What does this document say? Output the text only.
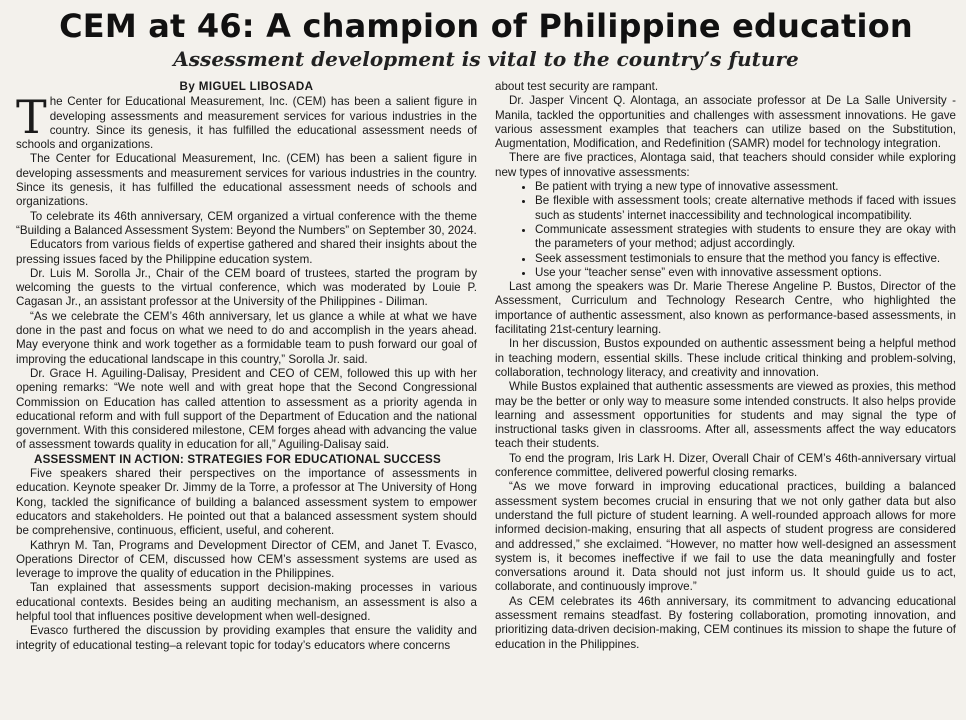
CEM at 46: A champion of Philippine education
Assessment development is vital to the country’s future
By MIGUEL LIBOSADA

The Center for Educational Measurement, Inc. (CEM) has been a salient figure in developing assessments and measurement services for various industries in the country. Since its genesis, it has fulfilled the educational assessment needs of schools and organizations.

The Center for Educational Measurement, Inc. (CEM) has been a salient figure in developing assessments and measurement services for various industries in the country. Since its genesis, it has fulfilled the educational assessment needs of schools and organizations.

To celebrate its 46th anniversary, CEM organized a virtual conference with the theme “Building a Balanced Assessment System: Beyond the Numbers” on September 30, 2024.

Educators from various fields of expertise gathered and shared their insights about the pressing issues faced by the Philippine education system.

Dr. Luis M. Sorolla Jr., Chair of the CEM board of trustees, started the program by welcoming the guests to the virtual conference, which was moderated by Louie P. Cagasan Jr., an assistant professor at the University of the Philippines - Diliman.

“As we celebrate the CEM’s 46th anniversary, let us glance a while at what we have done in the past and focus on what we need to do and accomplish in the years ahead. May everyone think and work together as a formidable team to push forward our goal of improving the educational landscape in this country,” Sorolla Jr. said.

Dr. Grace H. Aguiling-Dalisay, President and CEO of CEM, followed this up with her opening remarks: “We note well and with great hope that the Second Congressional Commission on Education has called attention to assessment as a priority agenda in educational reform and with full support of the Department of Education and the national government. With this considered milestone, CEM forges ahead with advancing the value of assessment towards quality in education for all,” Aguiling-Dalisay said.

ASSESSMENT IN ACTION: STRATEGIES FOR EDUCATIONAL SUCCESS

Five speakers shared their perspectives on the importance of assessments in education. Keynote speaker Dr. Jimmy de la Torre, a professor at The University of Hong Kong, tackled the significance of building a balanced assessment system to empower educators and stakeholders. He pointed out that a balanced assessment system should be comprehensive, continuous, efficient, useful, and coherent.

Kathryn M. Tan, Programs and Development Director of CEM, and Janet T. Evasco, Operations Director of CEM, discussed how CEM’s assessment systems are used as leverage to improve the quality of education in the Philippines.

Tan explained that assessments support decision-making processes in various educational contexts. Besides being an auditing mechanism, an assessment is also a helpful tool that influences positive development when well-designed.

Evasco furthered the discussion by providing examples that ensure the validity and integrity of educational testing–a relevant topic for today’s educators where concerns

about test security are rampant.

Dr. Jasper Vincent Q. Alontaga, an associate professor at De La Salle University - Manila, tackled the opportunities and challenges with assessment innovations. He gave various assessment examples that teachers can utilize based on the Substitution, Augmentation, Modification, and Redefinition (SAMR) model for technology integration.

There are five practices, Alontaga said, that teachers should consider while exploring new types of innovative assessments:

• Be patient with trying a new type of innovative assessment.
• Be flexible with assessment tools; create alternative methods if faced with issues such as students’ internet inaccessibility and technological incompatibility.
• Communicate assessment strategies with students to ensure they are okay with the parameters of your method; adjust accordingly.
• Seek assessment testimonials to ensure that the method you fancy is effective.
• Use your “teacher sense” even with innovative assessment options.

Last among the speakers was Dr. Marie Therese Angeline P. Bustos, Director of the Assessment, Curriculum and Technology Research Centre, who highlighted the importance of authentic assessment, also known as performance-based assessments, in facilitating 21st-century learning.

In her discussion, Bustos expounded on authentic assessment being a helpful method in teaching modern, essential skills. These include critical thinking and problem-solving, collaboration, technology literacy, and creativity and innovation.

While Bustos explained that authentic assessments are viewed as proxies, this method may be the better or only way to measure some intended constructs. It also helps provide learning and assessment opportunities for students and may signal the type of instructional tasks given in classrooms. After all, assessments affect the way educators teach their students.

To end the program, Iris Lark H. Dizer, Overall Chair of CEM’s 46th-anniversary virtual conference committee, delivered powerful closing remarks.

“As we move forward in improving educational practices, building a balanced assessment system becomes crucial in ensuring that we not only gather data but also understand the full picture of student learning. A well-rounded approach allows for more informed decision-making, ensuring that all aspects of student progress are considered and addressed,” she exclaimed. “However, no matter how well-designed an assessment system is, it becomes ineffective if we fail to use the data meaningfully and foster conversations around it. Data should not just inform us. It should guide us to act, collaborate, and continuously improve.”

As CEM celebrates its 46th anniversary, its commitment to advancing educational assessment remains steadfast. By fostering collaboration, promoting innovation, and prioritizing data-driven decision-making, CEM continues its mission to shape the future of education in the Philippines.
